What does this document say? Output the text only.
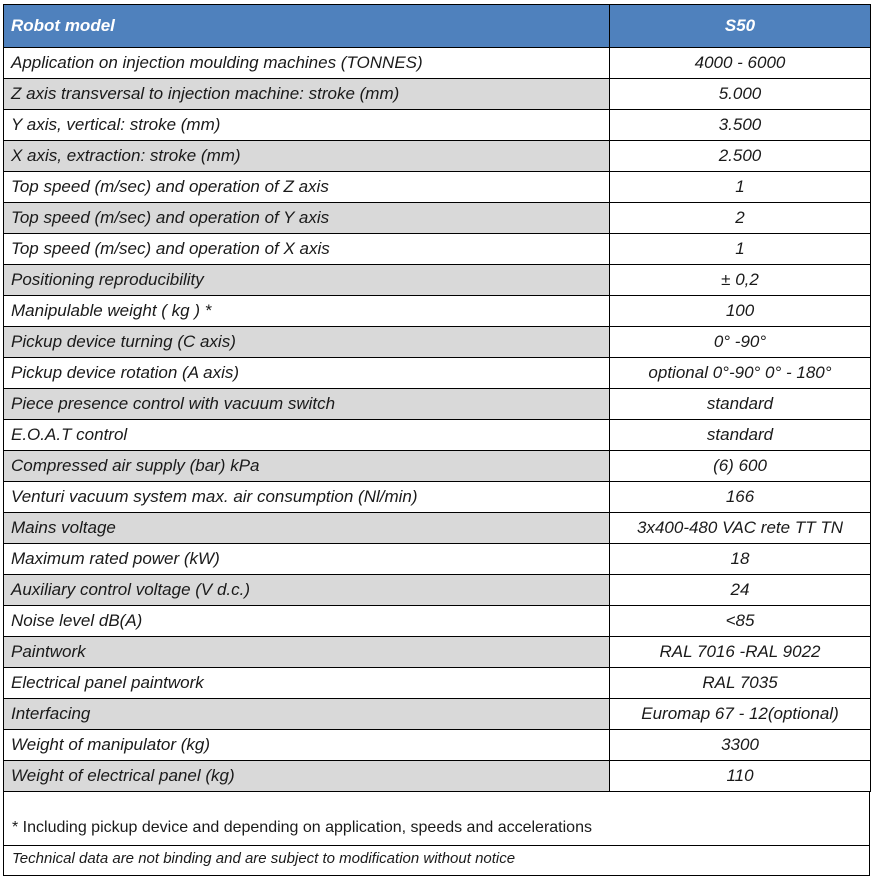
Robot model	S50
Application on injection moulding machines (TONNES)	4000 - 6000
Z axis transversal to injection machine: stroke (mm)	5.000
Y axis, vertical: stroke (mm)	3.500
X axis, extraction: stroke (mm)	2.500
Top speed (m/sec) and operation of Z axis	1
Top speed (m/sec) and operation of Y axis	2
Top speed (m/sec) and operation of X axis	1
Positioning reproducibility	± 0,2
Manipulable weight ( kg ) *	100
Pickup device turning (C axis)	0° -90°
Pickup device rotation (A axis)	optional 0°-90° 0° - 180°
Piece presence control with vacuum switch	standard
E.O.A.T control	standard
Compressed air supply (bar) kPa	(6) 600
Venturi vacuum system max. air consumption (Nl/min)	166
Mains voltage	3x400-480 VAC rete TT TN
Maximum rated power (kW)	18
Auxiliary control voltage (V d.c.)	24
Noise level dB(A)	<85
Paintwork	RAL 7016 -RAL 9022
Electrical panel paintwork	RAL 7035
Interfacing	Euromap 67 - 12(optional)
Weight of manipulator (kg)	3300
Weight of electrical panel (kg)	110
* Including pickup device and depending on application, speeds and accelerations
Technical data are not binding and are subject to modification without notice
